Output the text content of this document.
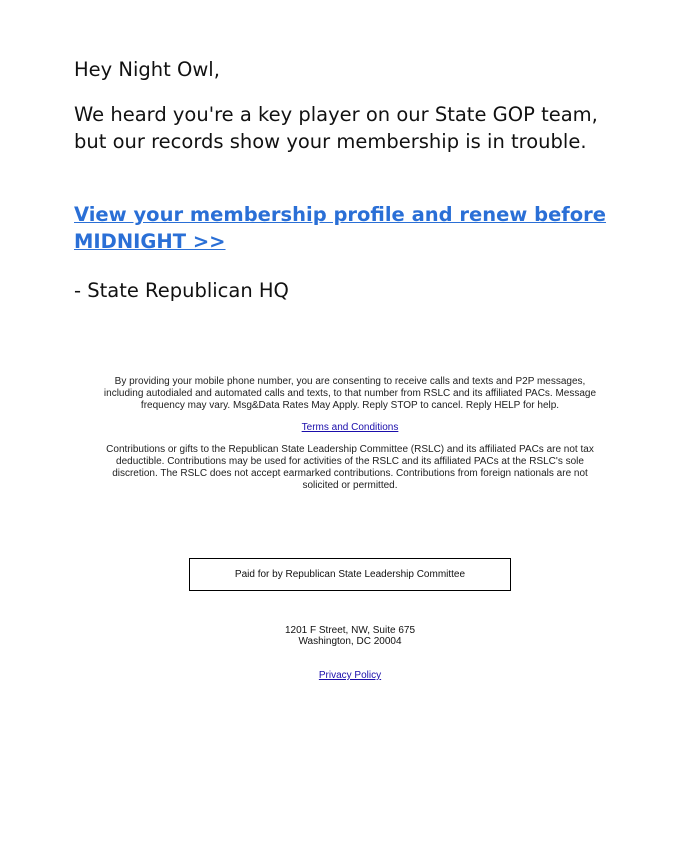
Hey Night Owl,

We heard you're a key player on our State GOP team, but our records show your membership is in trouble.

View your membership profile and renew before MIDNIGHT >>

- State Republican HQ

By providing your mobile phone number, you are consenting to receive calls and texts and P2P messages, including autodialed and automated calls and texts, to that number from RSLC and its affiliated PACs. Message frequency may vary. Msg&Data Rates May Apply. Reply STOP to cancel. Reply HELP for help.

Terms and Conditions

Contributions or gifts to the Republican State Leadership Committee (RSLC) and its affiliated PACs are not tax deductible. Contributions may be used for activities of the RSLC and its affiliated PACs at the RSLC's sole discretion. The RSLC does not accept earmarked contributions. Contributions from foreign nationals are not solicited or permitted.

Paid for by Republican State Leadership Committee

1201 F Street, NW, Suite 675

Washington, DC 20004

Privacy Policy
